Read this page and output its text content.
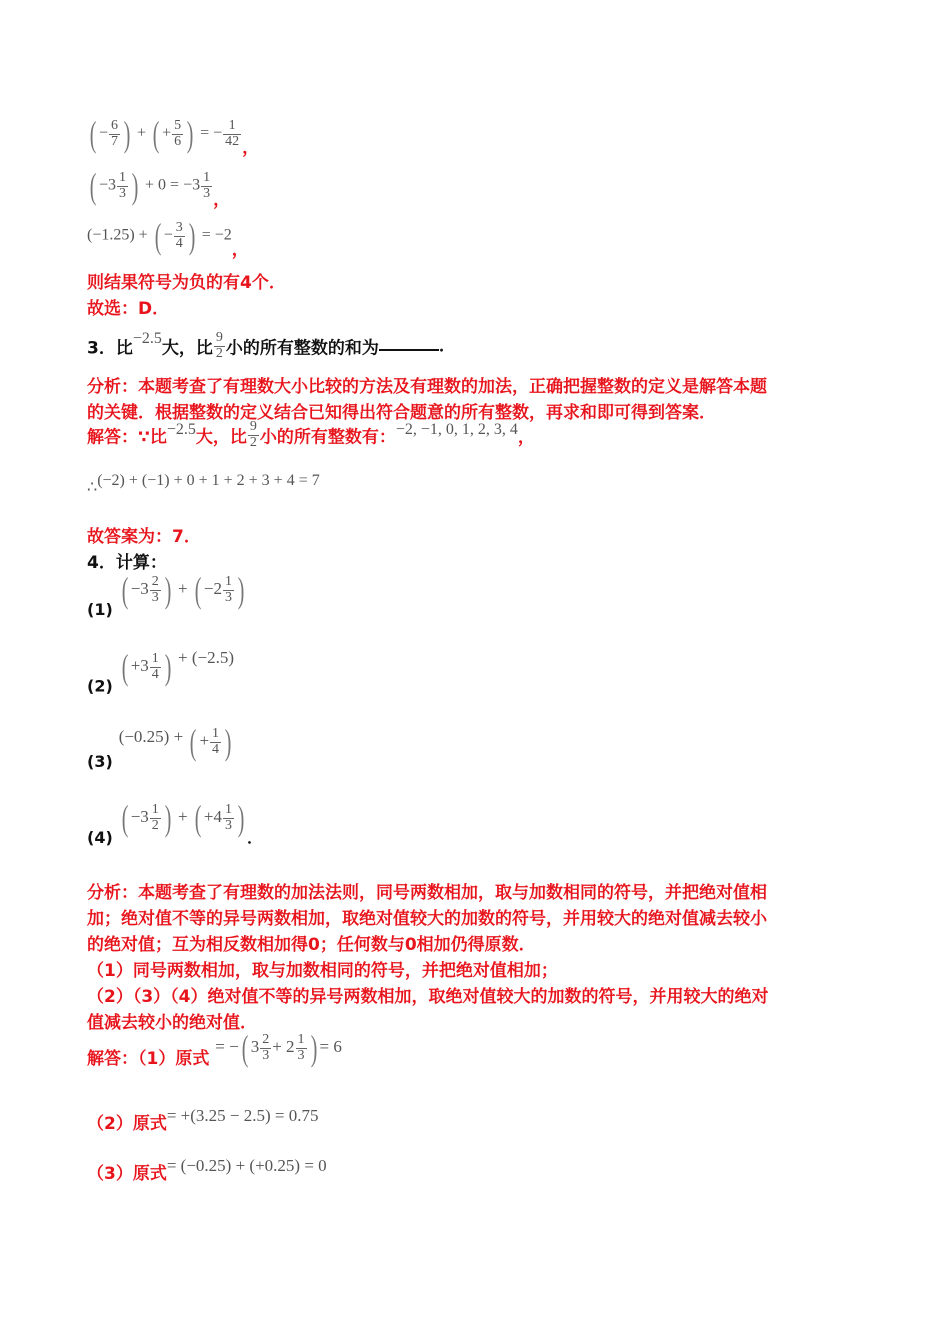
( − $\frac{6}{7}$ ) + ( + $\frac{5}{6}$ ) = − $\frac{1}{42}$ ，
( $-3 \frac{1}{3}$ ) + $0 = -3 \frac{1}{3}$ ，
(−1.25) + ( − $\frac{3}{4}$ ) = −2，
则结果符号为负的有4个．
故选：D．
3．比−2.5大，比 $\frac{9}{2}$ 小的所有整数的和为	．
分析：本题考查了有理数大小比较的方法及有理数的加法，正确把握整数的定义是解答本题
的关键．根据整数的定义结合已知得出符合题意的所有整数，再求和即可得到答案．
解答：∵比−2.5大，比 $\frac{9}{2}$ 小的所有整数有：−2, −1, 0, 1, 2, 3, 4，
∴(−2) + (−1) + 0 + 1 + 2 + 3 + 4 = 7
故答案为：7．
4．计算：
(1) ( $-3 \frac{2}{3}$ ) + ( $-2 \frac{1}{3}$ )
(2) ( $+3 \frac{1}{4}$ ) + (−2.5)
(3) (−0.25) + ( + $\frac{1}{4}$ )
(4) ( $-3 \frac{1}{2}$ ) + ( $+4 \frac{1}{3}$ ) ．
分析：本题考查了有理数的加法法则，同号两数相加，取与加数相同的符号，并把绝对值相
加；绝对值不等的异号两数相加，取绝对值较大的加数的符号，并用较大的绝对值减去较小
的绝对值；互为相反数相加得0；任何数与0相加仍得原数．
（1）同号两数相加，取与加数相同的符号，并把绝对值相加；
（2）（3）（4）绝对值不等的异号两数相加，取绝对值较大的加数的符号，并用较大的绝对
值减去较小的绝对值．
解答：（1）原式 = −( $3 \frac{2}{3} + 2 \frac{1}{3}$ ) = 6
（2）原式= +(3.25 − 2.5) = 0.75
（3）原式= (−0.25) + (+0.25) = 0
